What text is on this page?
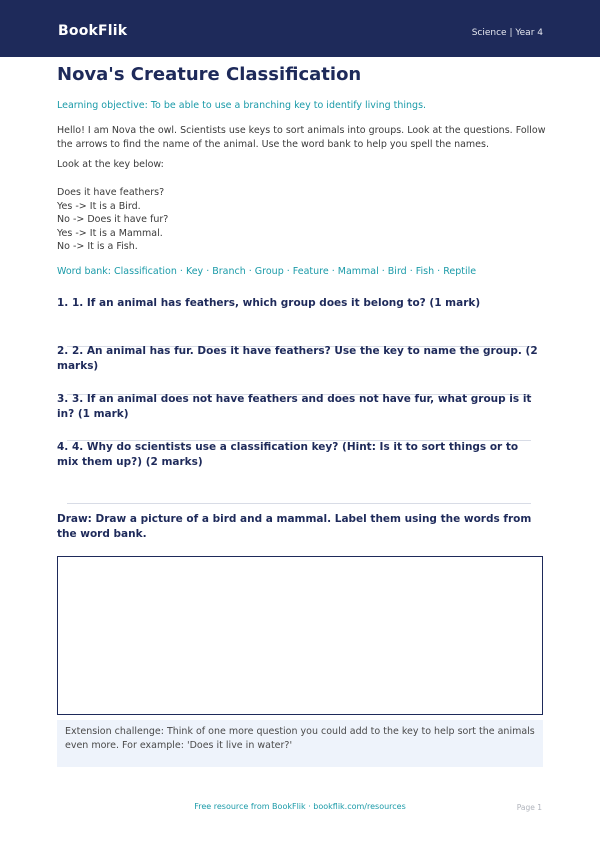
BookFlik	Science | Year 4
Nova's Creature Classification
Learning objective: To be able to use a branching key to identify living things.
Hello! I am Nova the owl. Scientists use keys to sort animals into groups. Look at the questions. Follow the arrows to find the name of the animal. Use the word bank to help you spell the names.
Look at the key below:
Does it have feathers?
Yes -> It is a Bird.
No -> Does it have fur?
Yes -> It is a Mammal.
No -> It is a Fish.
Word bank: Classification · Key · Branch · Group · Feature · Mammal · Bird · Fish · Reptile
1. 1. If an animal has feathers, which group does it belong to? (1 mark)
2. 2. An animal has fur. Does it have feathers? Use the key to name the group. (2 marks)
3. 3. If an animal does not have feathers and does not have fur, what group is it in? (1 mark)
4. 4. Why do scientists use a classification key? (Hint: Is it to sort things or to mix them up?) (2 marks)
Draw: Draw a picture of a bird and a mammal. Label them using the words from the word bank.
Extension challenge: Think of one more question you could add to the key to help sort the animals even more. For example: 'Does it live in water?'
Free resource from BookFlik · bookflik.com/resources	Page 1
